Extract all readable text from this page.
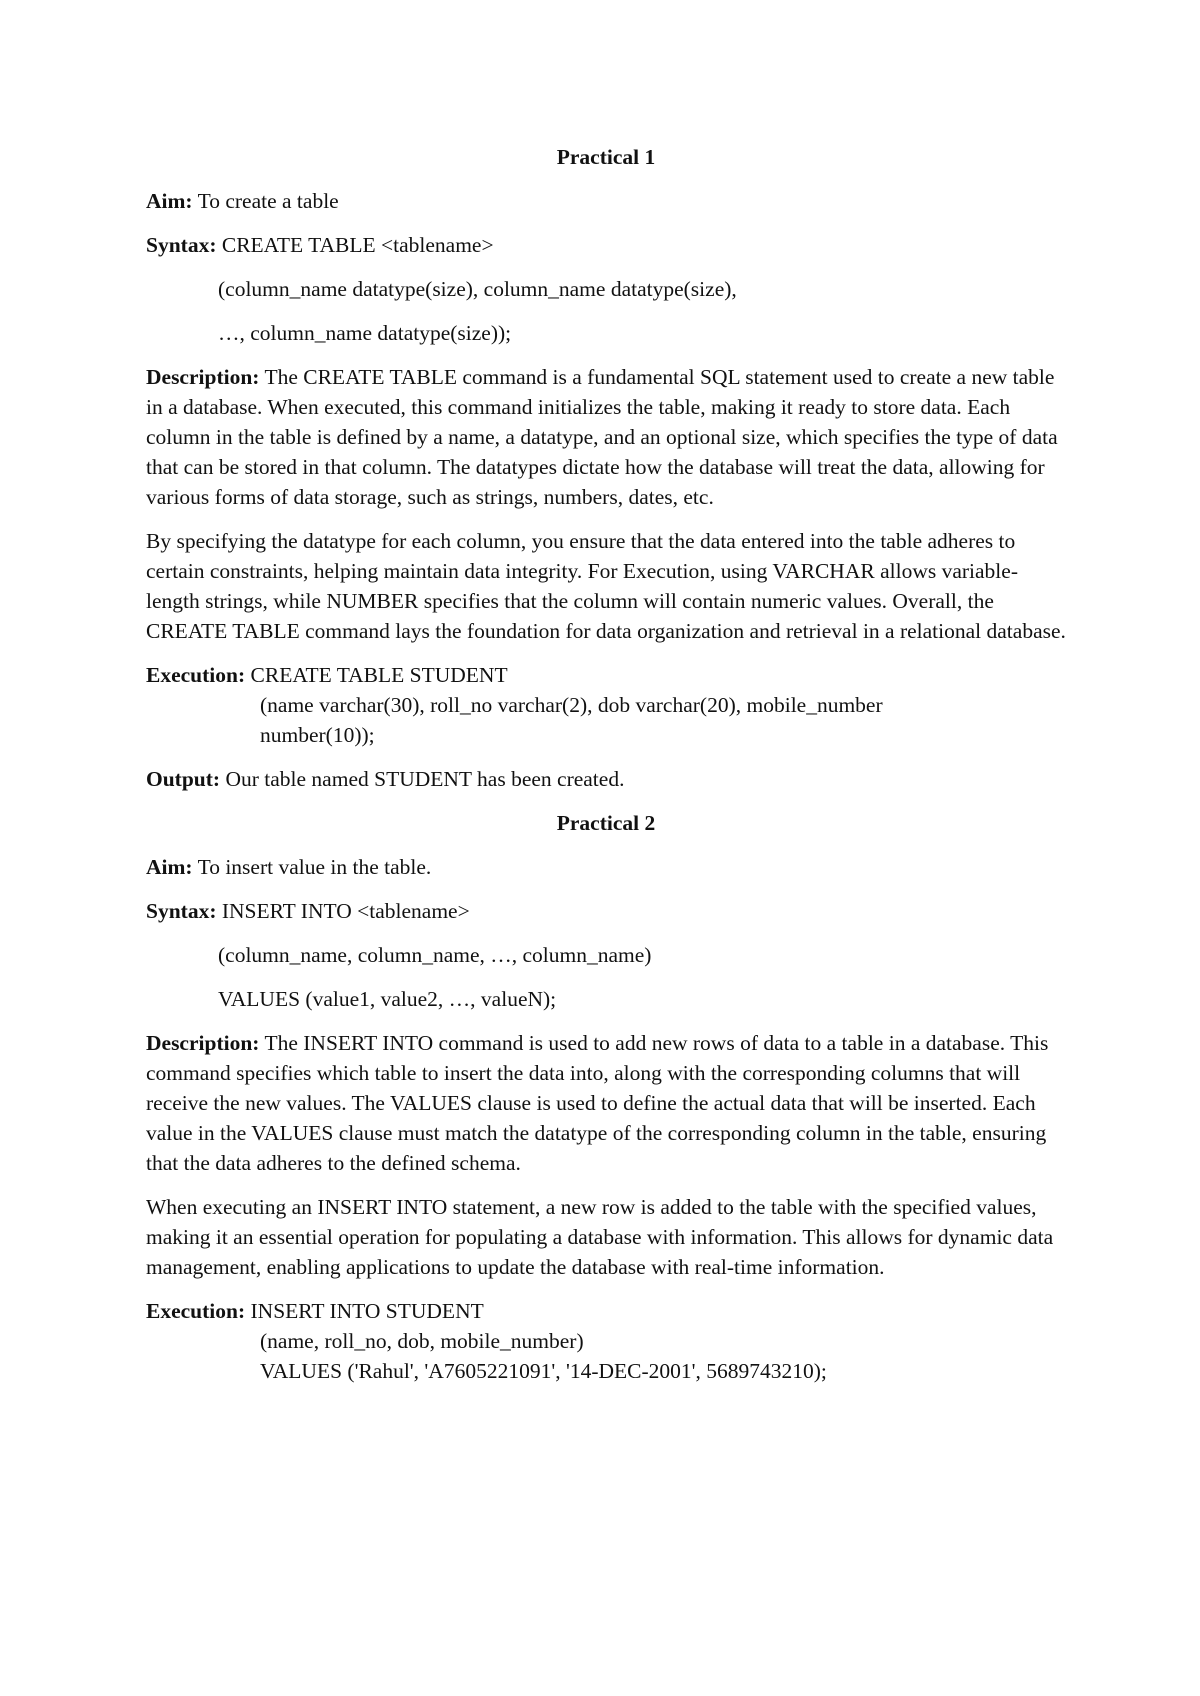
Practical 1
Aim: To create a table
Syntax: CREATE TABLE <tablename>
(column_name datatype(size), column_name datatype(size),
…, column_name datatype(size));
Description: The CREATE TABLE command is a fundamental SQL statement used to create a new table in a database. When executed, this command initializes the table, making it ready to store data. Each column in the table is defined by a name, a datatype, and an optional size, which specifies the type of data that can be stored in that column. The datatypes dictate how the database will treat the data, allowing for various forms of data storage, such as strings, numbers, dates, etc.
By specifying the datatype for each column, you ensure that the data entered into the table adheres to certain constraints, helping maintain data integrity. For Execution, using VARCHAR allows variable-length strings, while NUMBER specifies that the column will contain numeric values. Overall, the CREATE TABLE command lays the foundation for data organization and retrieval in a relational database.
Execution: CREATE TABLE STUDENT
(name varchar(30), roll_no varchar(2), dob varchar(20), mobile_number
number(10));
Output: Our table named STUDENT has been created.
Practical 2
Aim: To insert value in the table.
Syntax: INSERT INTO <tablename>
(column_name, column_name, …, column_name)
VALUES (value1, value2, …, valueN);
Description: The INSERT INTO command is used to add new rows of data to a table in a database. This command specifies which table to insert the data into, along with the corresponding columns that will receive the new values. The VALUES clause is used to define the actual data that will be inserted. Each value in the VALUES clause must match the datatype of the corresponding column in the table, ensuring that the data adheres to the defined schema.
When executing an INSERT INTO statement, a new row is added to the table with the specified values, making it an essential operation for populating a database with information. This allows for dynamic data management, enabling applications to update the database with real-time information.
Execution: INSERT INTO STUDENT
(name, roll_no, dob, mobile_number)
VALUES ('Rahul', 'A7605221091', '14-DEC-2001', 5689743210);
